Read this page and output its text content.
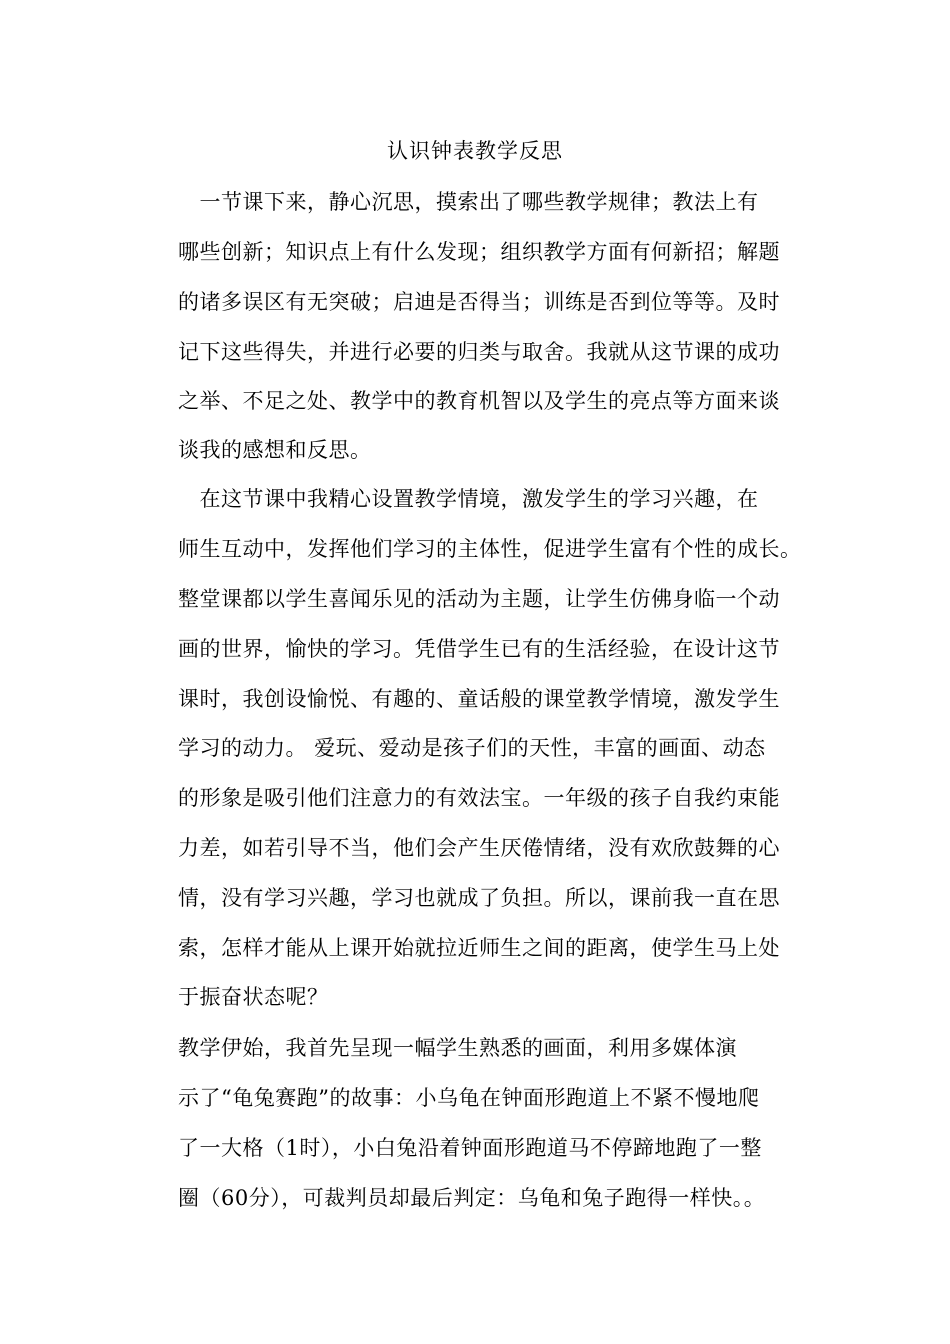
认识钟表教学反思

　一节课下来，静心沉思，摸索出了哪些教学规律；教法上有

哪些创新；知识点上有什么发现；组织教学方面有何新招；解题

的诸多误区有无突破；启迪是否得当；训练是否到位等等。及时

记下这些得失，并进行必要的归类与取舍。我就从这节课的成功

之举、不足之处、教学中的教育机智以及学生的亮点等方面来谈

谈我的感想和反思。

　在这节课中我精心设置教学情境，激发学生的学习兴趣，在

师生互动中，发挥他们学习的主体性，促进学生富有个性的成长。

整堂课都以学生喜闻乐见的活动为主题，让学生仿佛身临一个动

画的世界，愉快的学习。凭借学生已有的生活经验，在设计这节

课时，我创设愉悦、有趣的、童话般的课堂教学情境，激发学生

学习的动力。 爱玩、爱动是孩子们的天性，丰富的画面、动态

的形象是吸引他们注意力的有效法宝。一年级的孩子自我约束能

力差，如若引导不当，他们会产生厌倦情绪，没有欢欣鼓舞的心

情，没有学习兴趣，学习也就成了负担。所以，课前我一直在思

索，怎样才能从上课开始就拉近师生之间的距离，使学生马上处

于振奋状态呢？

教学伊始，我首先呈现一幅学生熟悉的画面，利用多媒体演

示了“龟兔赛跑”的故事：小乌龟在钟面形跑道上不紧不慢地爬

了一大格（1时），小白兔沿着钟面形跑道马不停蹄地跑了一整

圈（60分），可裁判员却最后判定：乌龟和兔子跑得一样快。。
